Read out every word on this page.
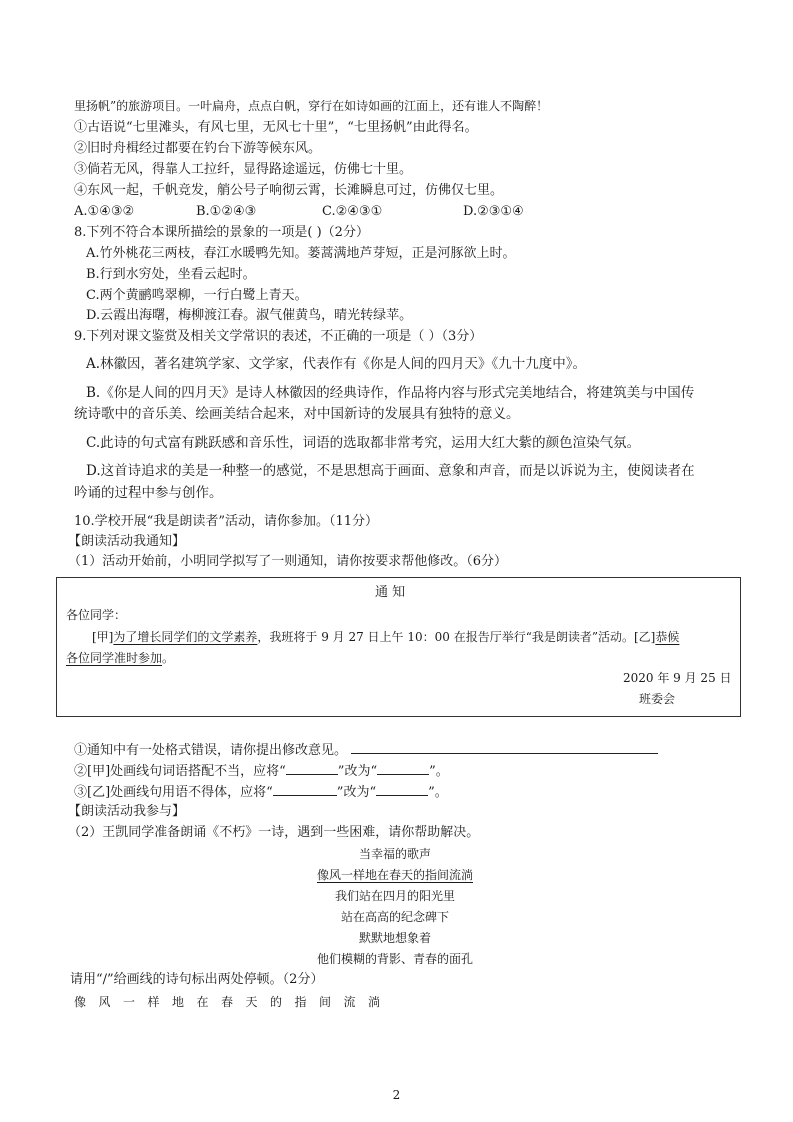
里扬帆”的旅游项目。一叶扁舟，点点白帆，穿行在如诗如画的江面上，还有谁人不陶醉！
①古语说“七里滩头，有风七里，无风七十里”，“七里扬帆”由此得名。
②旧时舟楫经过都要在钓台下游等候东风。
③倘若无风，得靠人工拉纤，显得路途遥远，仿佛七十里。
④东风一起，千帆竞发，艄公号子响彻云霄，长滩瞬息可过，仿佛仅七里。
A.①④③②	B.①②④③	C.②④③①	D.②③①④
8.下列不符合本课所描绘的景象的一项是( )（2分）
A.竹外桃花三两枝，春江水暖鸭先知。蒌蒿满地芦芽短，正是河豚欲上时。
B.行到水穷处，坐看云起时。
C.两个黄鹂鸣翠柳，一行白鹭上青天。
D.云霞出海曙，梅柳渡江春。淑气催黄鸟，晴光转绿苹。
9.下列对课文鉴赏及相关文学常识的表述，不正确的一项是（ ）（3分）
A.林徽因，著名建筑学家、文学家，代表作有《你是人间的四月天》《九十九度中》。
B.《你是人间的四月天》是诗人林徽因的经典诗作，作品将内容与形式完美地结合，将建筑美与中国传
统诗歌中的音乐美、绘画美结合起来，对中国新诗的发展具有独特的意义。
C.此诗的句式富有跳跃感和音乐性，词语的选取都非常考究，运用大红大紫的颜色渲染气氛。
D.这首诗追求的美是一种整一的感觉，不是思想高于画面、意象和声音，而是以诉说为主，使阅读者在
吟诵的过程中参与创作。
10.学校开展“我是朗读者”活动，请你参加。（11分）
【朗读活动我通知】
（1）活动开始前，小明同学拟写了一则通知，请你按要求帮他修改。（6分）
通 知
各位同学：
[甲]为了增长同学们的文学素养，我班将于 9 月 27 日上午 10：00 在报告厅举行“我是朗读者”活动。[乙]恭候
各位同学准时参加。
2020 年 9 月 25 日
班委会
①通知中有一处格式错误，请你提出修改意见。
②[甲]处画线句词语搭配不当，应将“	”改为“	”。
③[乙]处画线句用语不得体，应将“	”改为“	”。
【朗读活动我参与】
（2）王凯同学准备朗诵《不朽》一诗，遇到一些困难，请你帮助解决。
当幸福的歌声
像风一样地在春天的指间流淌
我们站在四月的阳光里
站在高高的纪念碑下
默默地想象着
他们模糊的背影、青春的面孔
请用“/”给画线的诗句标出两处停顿。（2分）
像风一样地在春天的指间流淌
2
